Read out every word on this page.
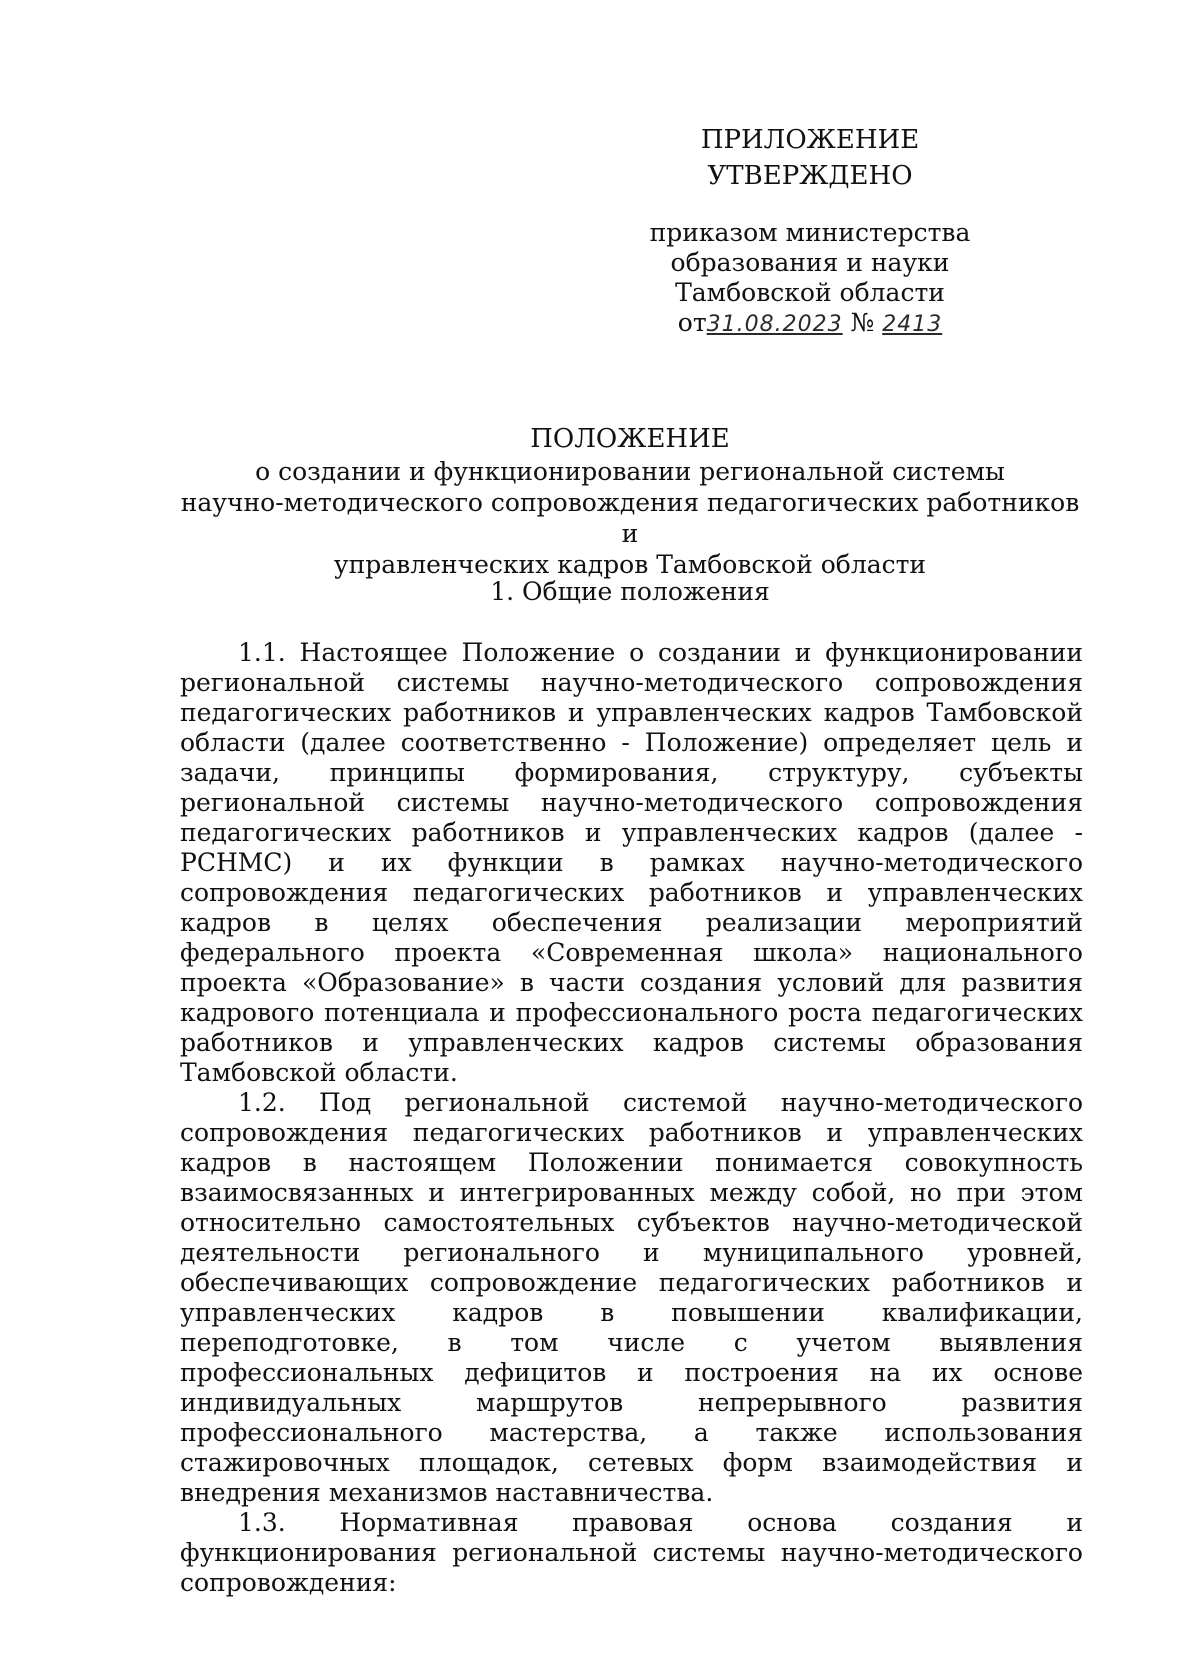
ПРИЛОЖЕНИЕ
УТВЕРЖДЕНО
приказом министерства
образования и науки
Тамбовской области
от31.08.2023 № 2413
ПОЛОЖЕНИЕ
о создании и функционировании региональной системы
научно-методического сопровождения педагогических работников и
управленческих кадров Тамбовской области
1. Общие положения

1.1. Настоящее Положение о создании и функционировании региональной системы научно-методического сопровождения педагогических работников и управленческих кадров Тамбовской области (далее соответственно - Положение) определяет цель и задачи, принципы формирования, структуру, субъекты региональной системы научно-методического сопровождения педагогических работников и управленческих кадров (далее - РСНМС) и их функции в рамках научно-методического сопровождения педагогических работников и управленческих кадров в целях обеспечения реализации мероприятий федерального проекта «Современная школа» национального проекта «Образование» в части создания условий для развития кадрового потенциала и профессионального роста педагогических работников и управленческих кадров системы образования Тамбовской области.

1.2. Под региональной системой научно-методического сопровождения педагогических работников и управленческих кадров в настоящем Положении понимается совокупность взаимосвязанных и интегрированных между собой, но при этом относительно самостоятельных субъектов научно-методической деятельности регионального и муниципального уровней, обеспечивающих сопровождение педагогических работников и управленческих кадров в повышении квалификации, переподготовке, в том числе с учетом выявления профессиональных дефицитов и построения на их основе индивидуальных маршрутов непрерывного развития профессионального мастерства, а также использования стажировочных площадок, сетевых форм взаимодействия и внедрения механизмов наставничества.

1.3. Нормативная правовая основа создания и функционирования региональной системы научно-методического сопровождения:
